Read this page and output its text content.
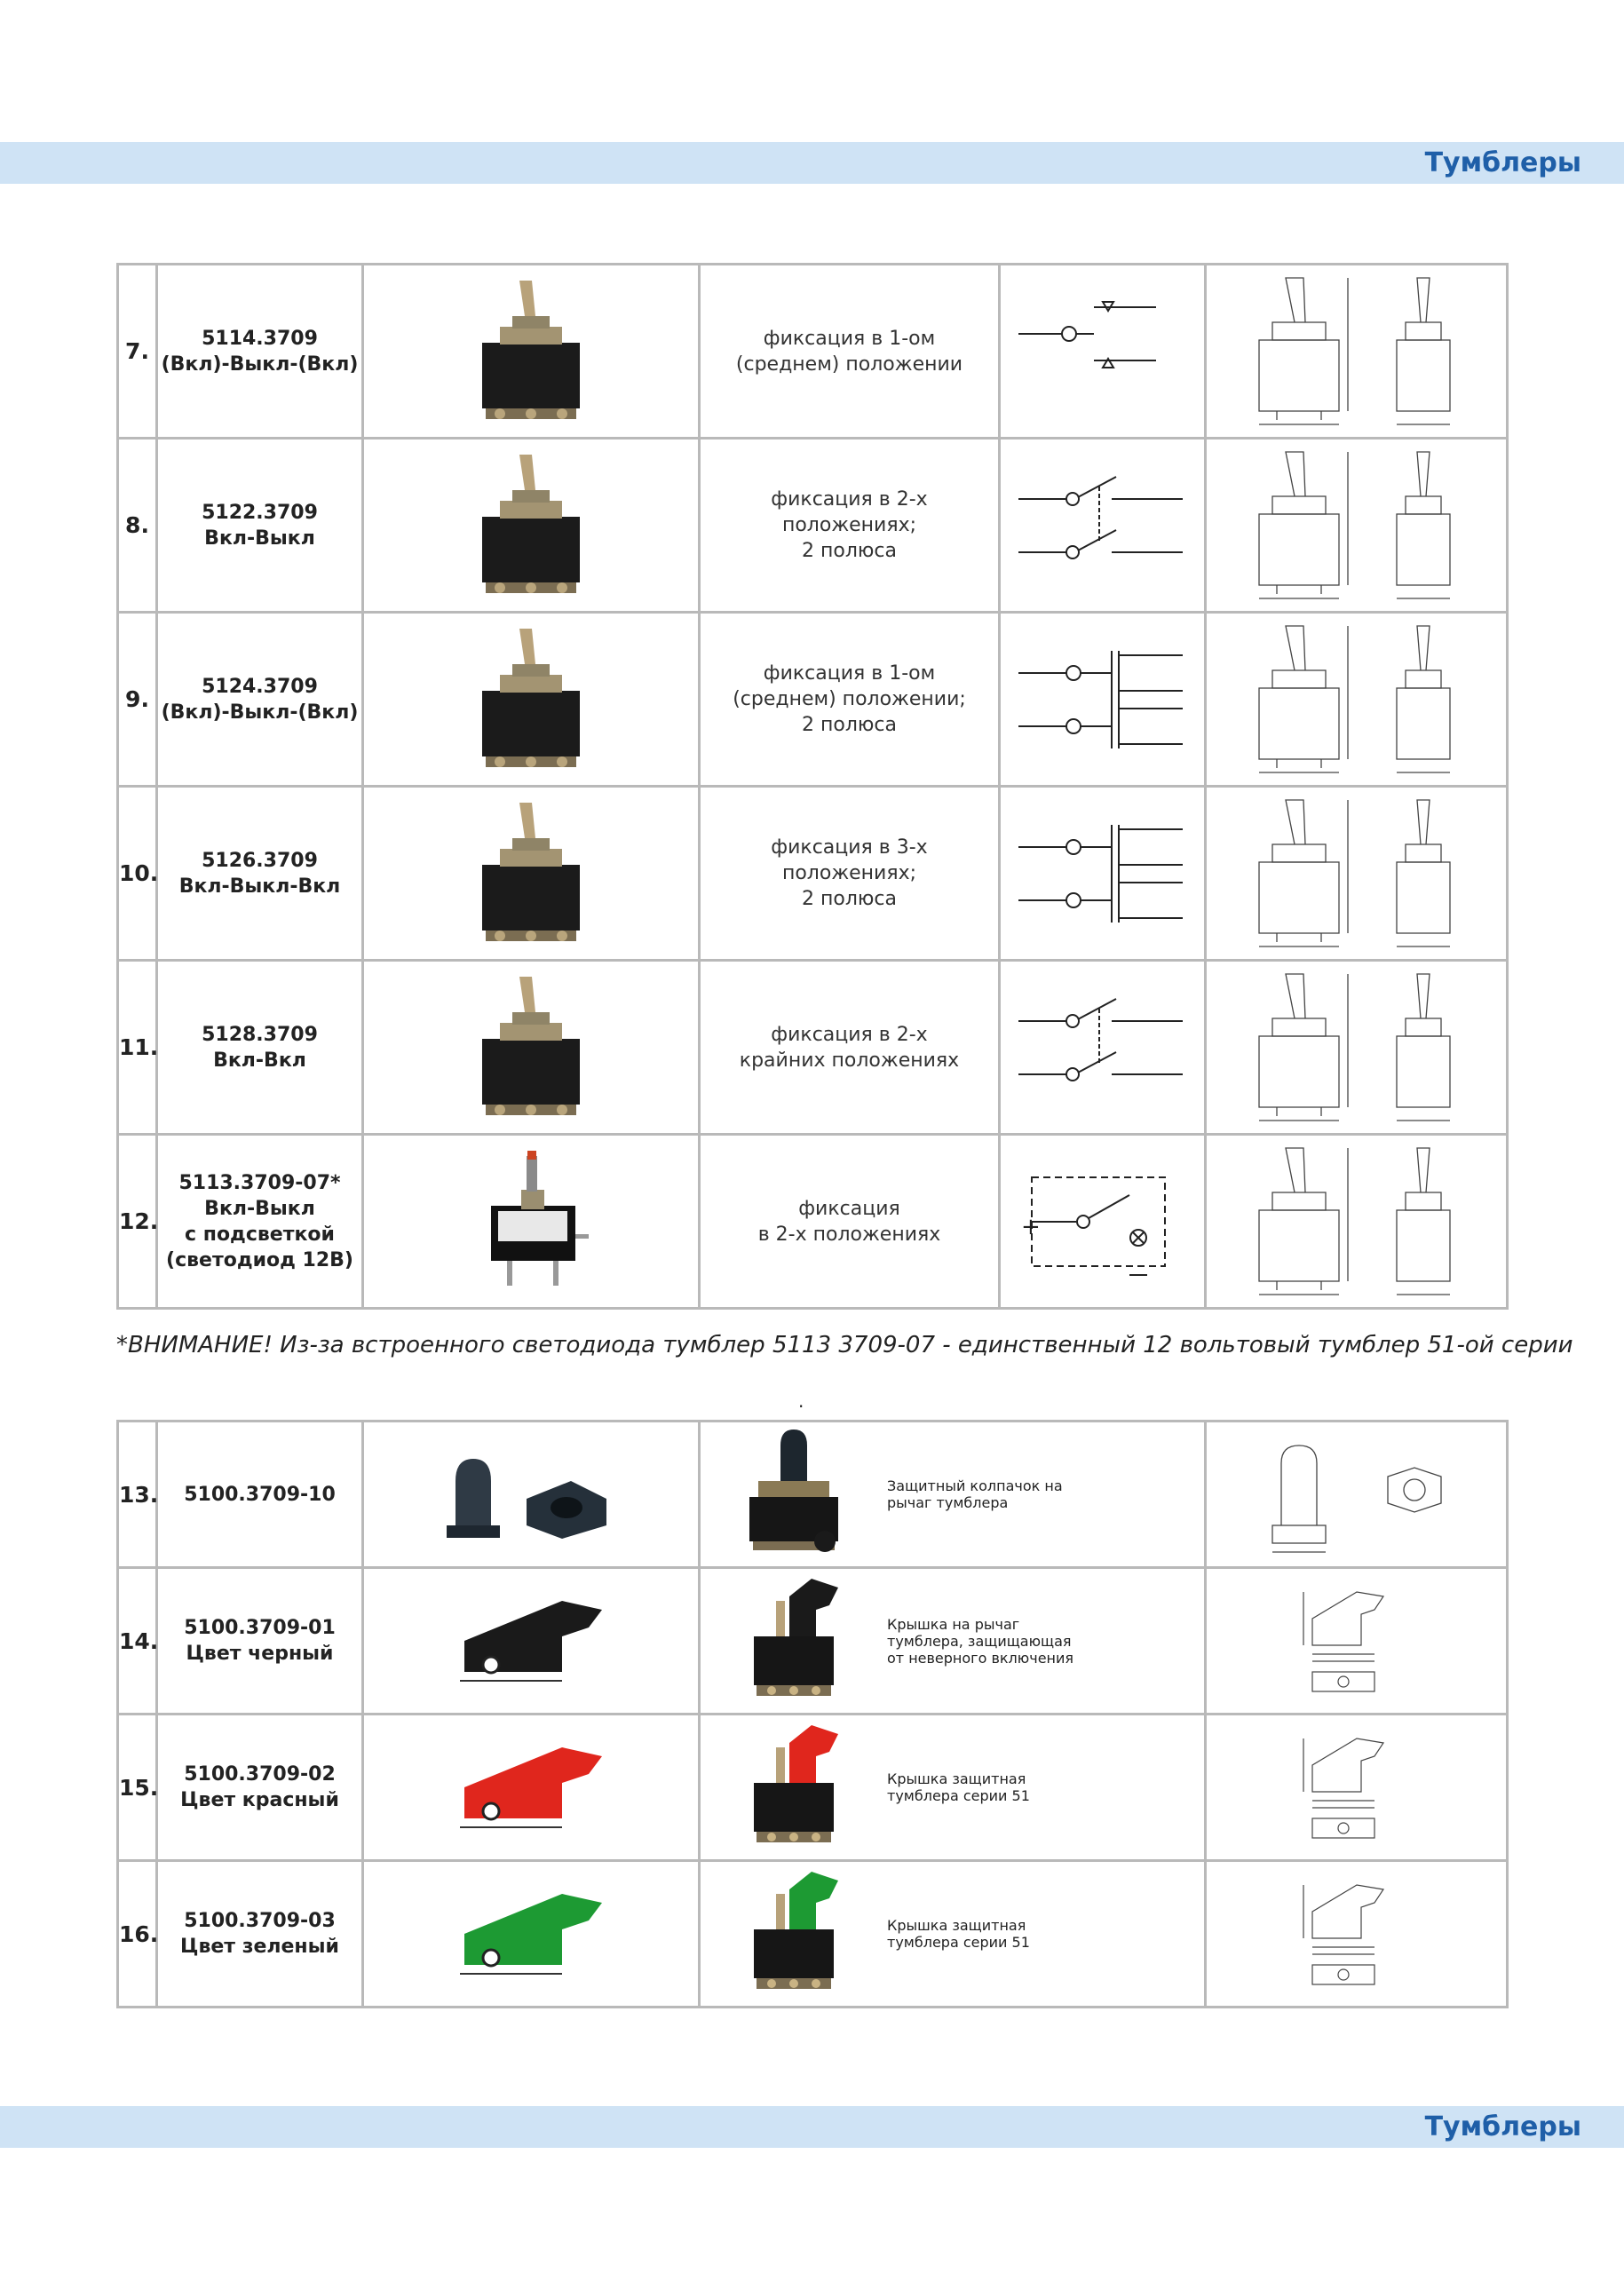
Тумблеры
7.	5114.3709
(Вкл)-Выкл-(Вкл)		фиксация в 1-ом
(среднем) положении

8.	5122.3709
Вкл-Выкл		фиксация в 2-х
положениях;
2 полюса

9.	5124.3709
(Вкл)-Выкл-(Вкл)		фиксация в 1-ом
(среднем) положении;
2 полюса

10.	5126.3709
Вкл-Выкл-Вкл		фиксация в 3-х
положениях;
2 полюса

11.	5128.3709
Вкл-Вкл		фиксация в 2-х
крайних положениях

12.	5113.3709-07*
Вкл-Выкл
с подсветкой
(светодиод 12В)		фиксация
в 2-х положениях	+

*ВНИМАНИЕ! Из-за встроенного светодиода тумблер 5113 3709-07 - единственный 12 вольтовый тумблер 51-ой серии
.
13.	5100.3709-10		Защитный колпачок на
рычаг тумблера

14.	5100.3709-01
Цвет черный		Крышка на рычаг
тумблера, защищающая
от неверного включения

15.	5100.3709-02
Цвет красный		Крышка защитная
тумблера серии 51

16.	5100.3709-03
Цвет зеленый		Крышка защитная
тумблера серии 51

Тумблеры
